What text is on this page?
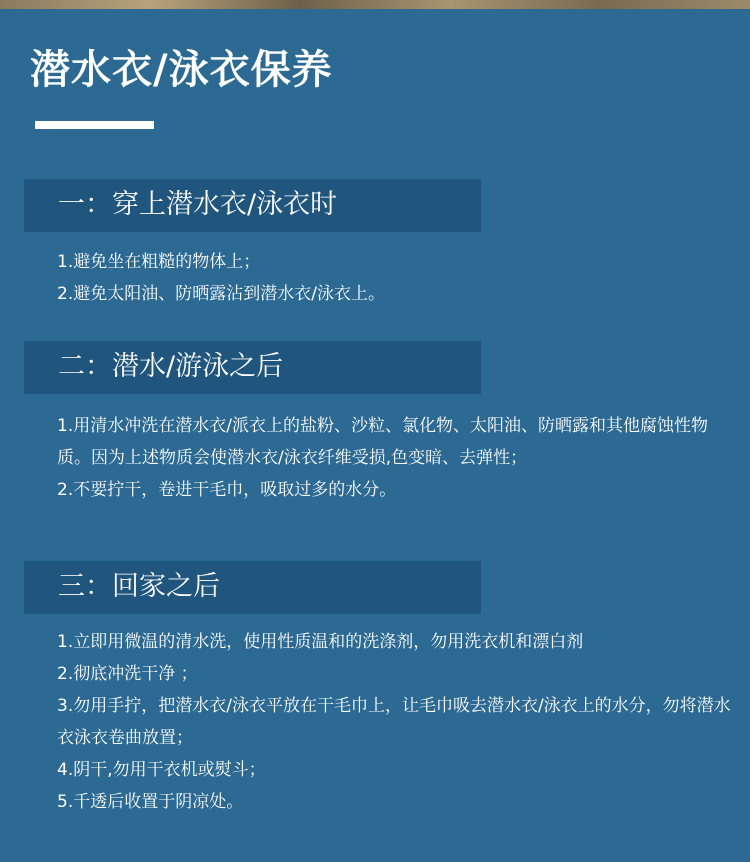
潜水衣/泳衣保养
一：穿上潜水衣/泳衣时

1.避免坐在粗糙的物体上；

2.避免太阳油、防晒露沾到潜水衣/泳衣上。

二：潜水/游泳之后

1.用清水冲洗在潜水衣/派衣上的盐粉、沙粒、氯化物、太阳油、防晒露和其他腐蚀性物质。因为上述物质会使潜水衣/泳衣纤维受损,色变暗、去弹性；

2.不要拧干，卷进干毛巾，吸取过多的水分。

三：回家之后

1.立即用微温的清水洗，使用性质温和的洗涤剂，勿用洗衣机和漂白剂

2.彻底冲洗干净 ；

3.勿用手拧，把潜水衣/泳衣平放在干毛巾上，让毛巾吸去潜水衣/泳衣上的水分，勿将潜水衣泳衣卷曲放置；

4.阴干,勿用干衣机或熨斗；

5.千透后收置于阴凉处。
